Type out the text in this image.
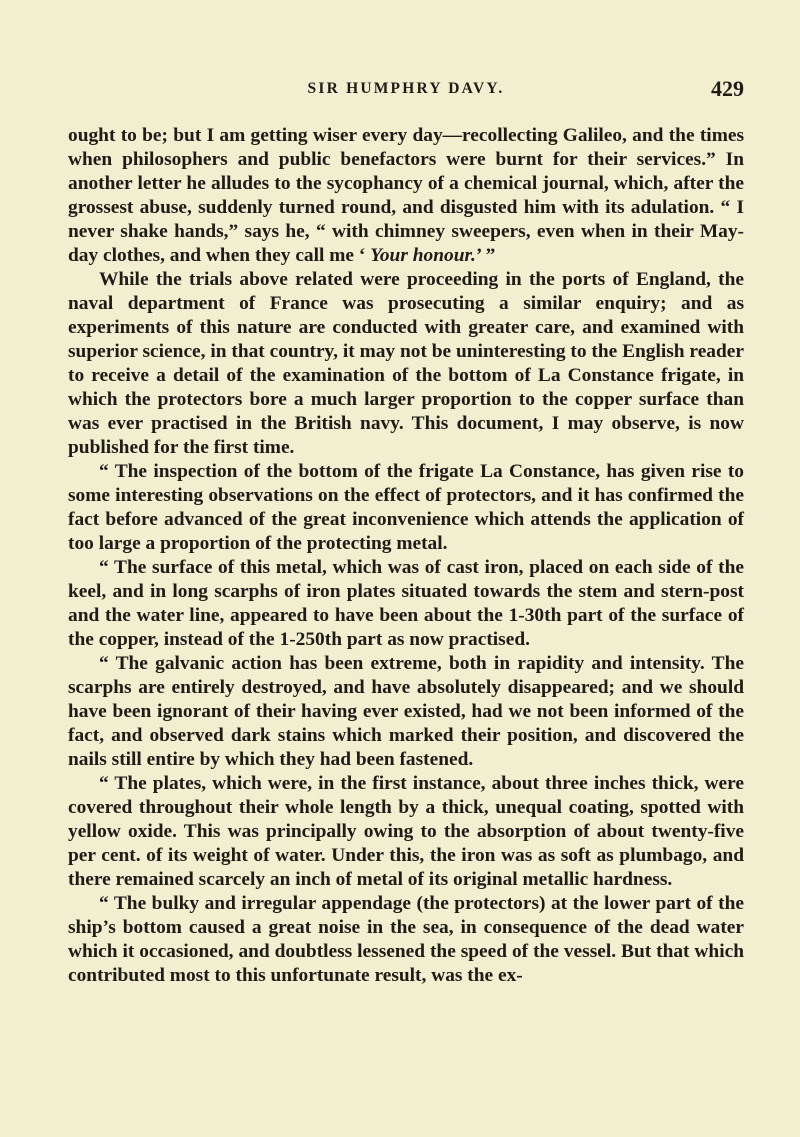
SIR HUMPHRY DAVY.	429

ought to be; but I am getting wiser every day—recollecting Galileo, and the times when philosophers and public benefactors were burnt for their services.” In another letter he alludes to the sycophancy of a chemical journal, which, after the grossest abuse, suddenly turned round, and disgusted him with its adulation. “ I never shake hands,” says he, “ with chimney sweepers, even when in their May-day clothes, and when they call me ‘ Your honour.’ ”

While the trials above related were proceeding in the ports of England, the naval department of France was prosecuting a similar enquiry; and as experiments of this nature are conducted with greater care, and examined with superior science, in that country, it may not be uninteresting to the English reader to receive a detail of the examination of the bottom of La Constance frigate, in which the protectors bore a much larger proportion to the copper surface than was ever practised in the British navy. This document, I may observe, is now published for the first time.

“ The inspection of the bottom of the frigate La Constance, has given rise to some interesting observations on the effect of protectors, and it has confirmed the fact before advanced of the great inconvenience which attends the application of too large a proportion of the protecting metal.

“ The surface of this metal, which was of cast iron, placed on each side of the keel, and in long scarphs of iron plates situated towards the stem and stern-post and the water line, appeared to have been about the 1-30th part of the surface of the copper, instead of the 1-250th part as now practised.

“ The galvanic action has been extreme, both in rapidity and intensity. The scarphs are entirely destroyed, and have absolutely disappeared; and we should have been ignorant of their having ever existed, had we not been informed of the fact, and observed dark stains which marked their position, and discovered the nails still entire by which they had been fastened.

“ The plates, which were, in the first instance, about three inches thick, were covered throughout their whole length by a thick, unequal coating, spotted with yellow oxide. This was principally owing to the absorption of about twenty-five per cent. of its weight of water. Under this, the iron was as soft as plumbago, and there remained scarcely an inch of metal of its original metallic hardness.

“ The bulky and irregular appendage (the protectors) at the lower part of the ship’s bottom caused a great noise in the sea, in consequence of the dead water which it occasioned, and doubtless lessened the speed of the vessel. But that which contributed most to this unfortunate result, was the ex-
